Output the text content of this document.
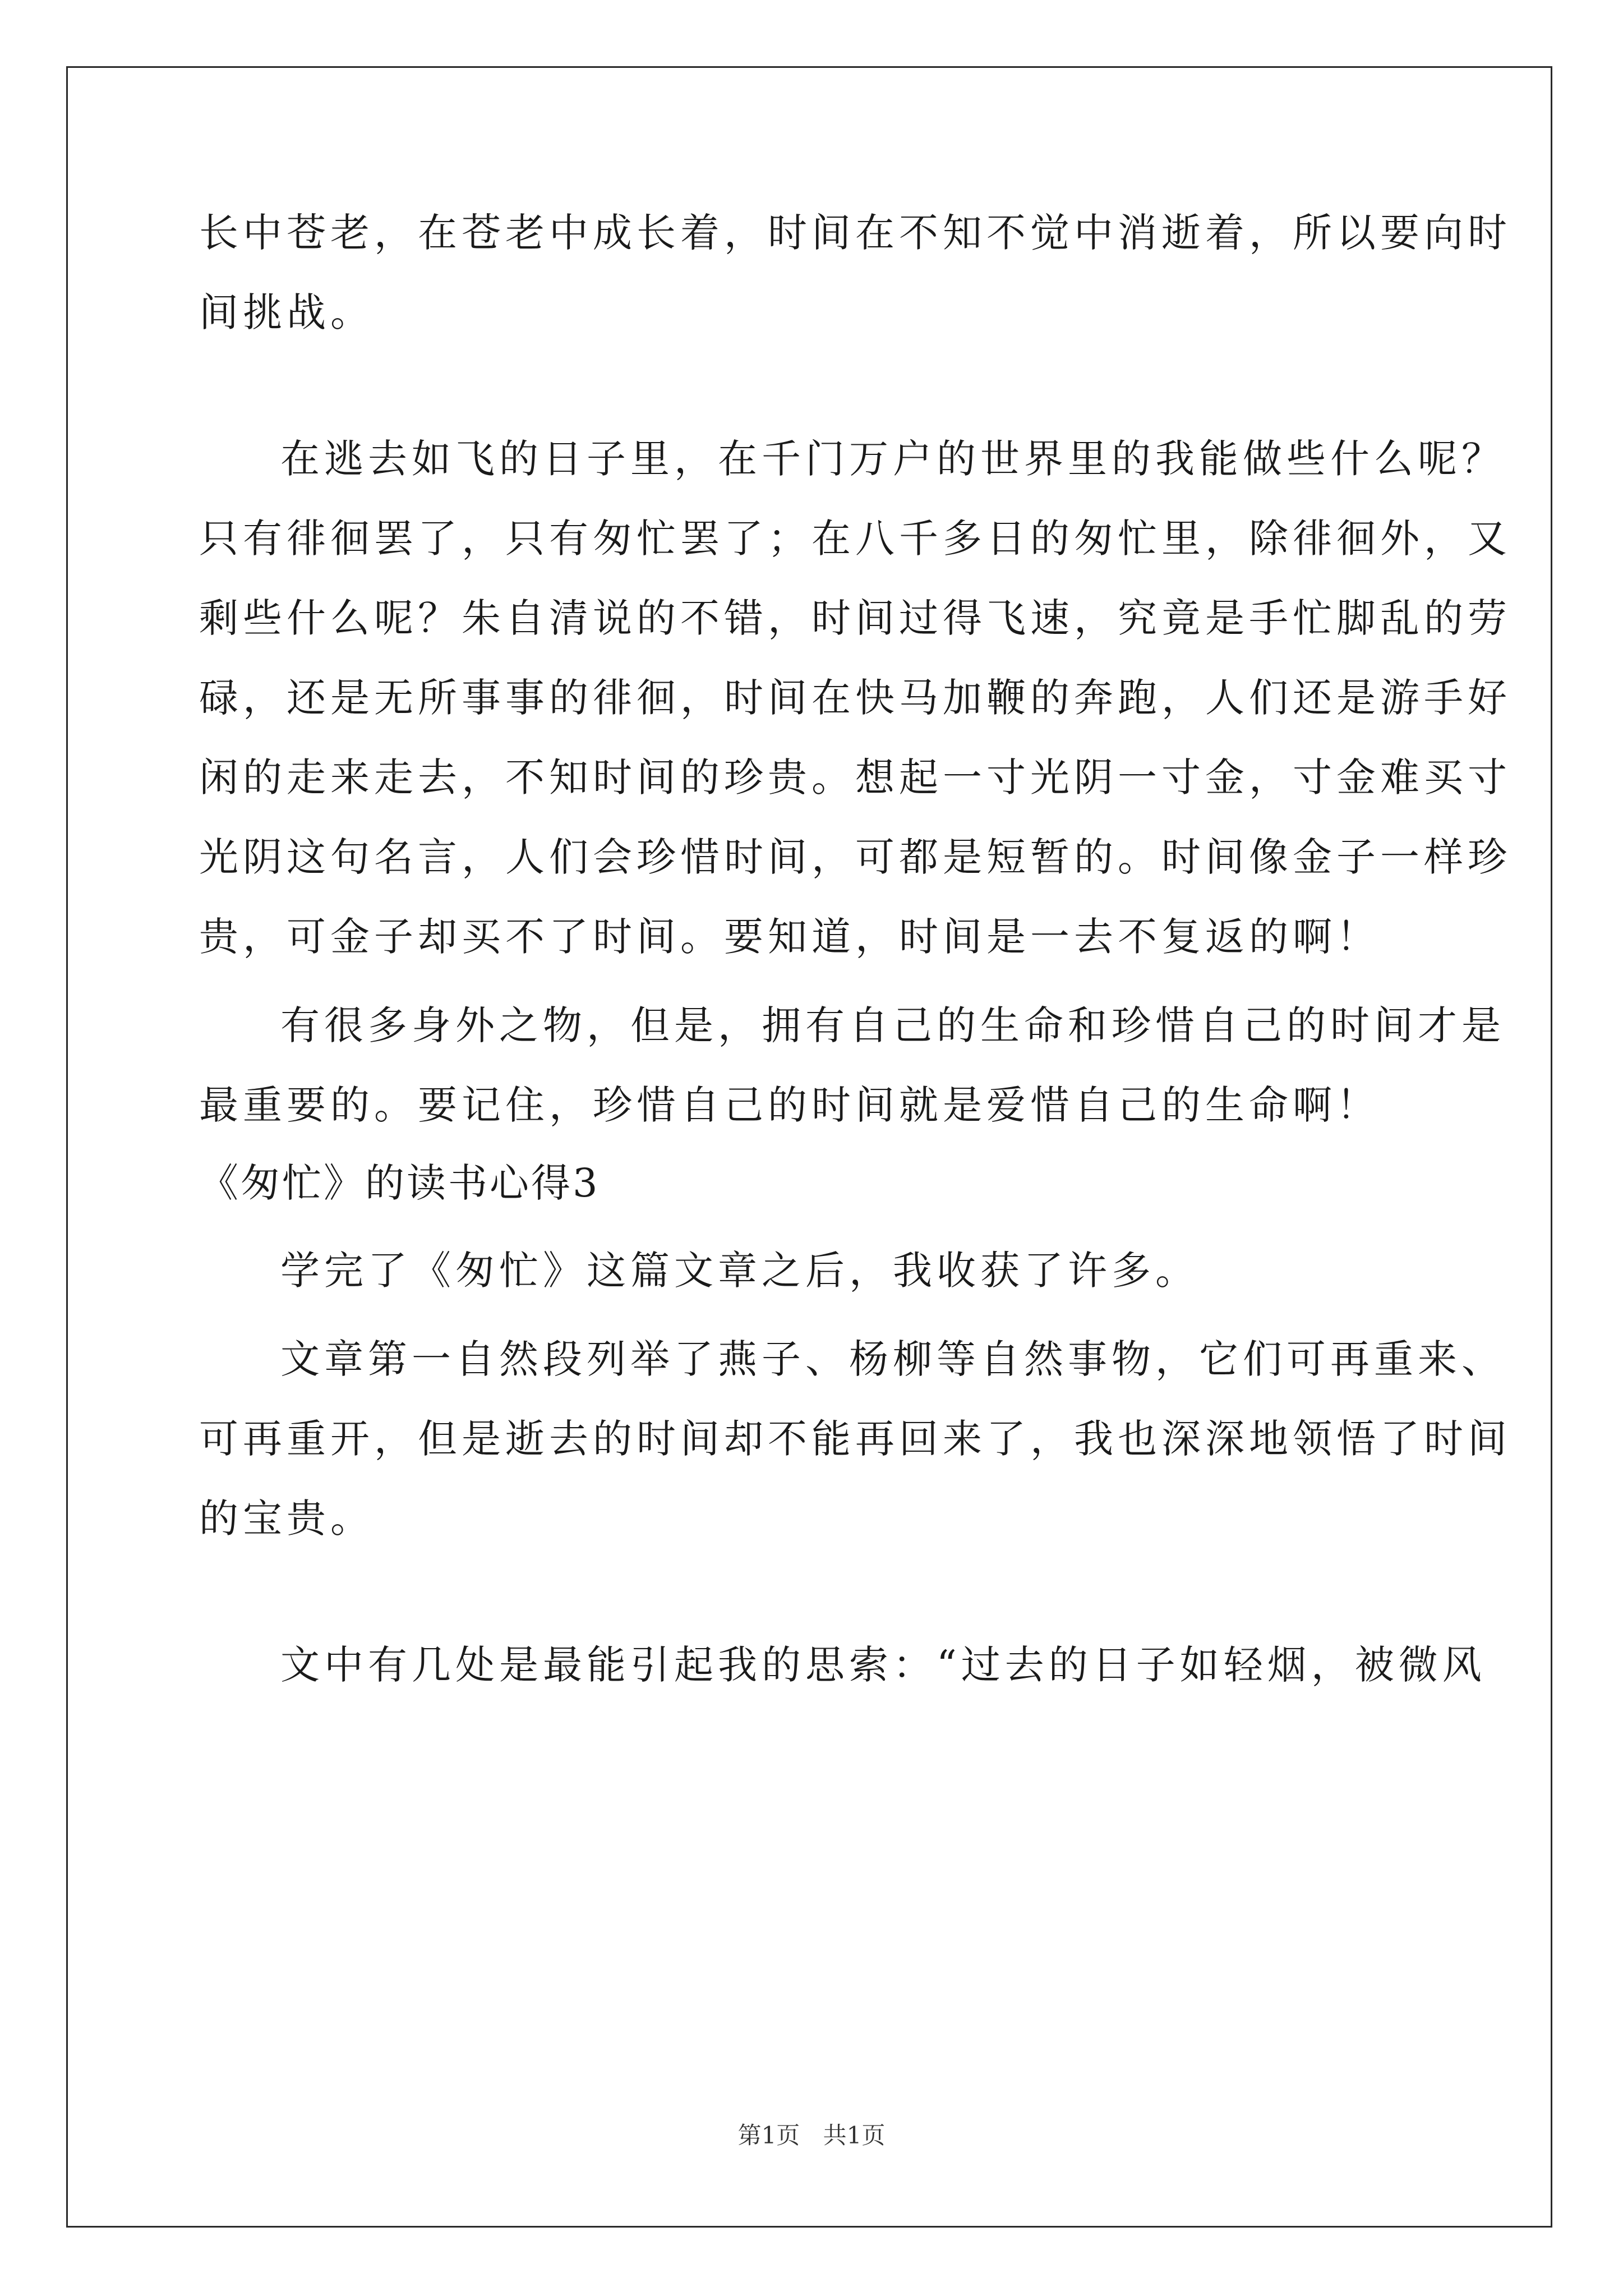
长中苍老，在苍老中成长着，时间在不知不觉中消逝着，所以要向时
间挑战。
在逃去如飞的日子里，在千门万户的世界里的我能做些什么呢？
只有徘徊罢了，只有匆忙罢了；在八千多日的匆忙里，除徘徊外，又
剩些什么呢？朱自清说的不错，时间过得飞速，究竟是手忙脚乱的劳
碌，还是无所事事的徘徊，时间在快马加鞭的奔跑，人们还是游手好
闲的走来走去，不知时间的珍贵。想起一寸光阴一寸金，寸金难买寸
光阴这句名言，人们会珍惜时间，可都是短暂的。时间像金子一样珍
贵，可金子却买不了时间。要知道，时间是一去不复返的啊！
有很多身外之物，但是，拥有自己的生命和珍惜自己的时间才是
最重要的。要记住，珍惜自己的时间就是爱惜自己的生命啊！
《匆忙》的读书心得3
学完了《匆忙》这篇文章之后，我收获了许多。
文章第一自然段列举了燕子、杨柳等自然事物，它们可再重来、
可再重开，但是逝去的时间却不能再回来了，我也深深地领悟了时间
的宝贵。
文中有几处是最能引起我的思索：“过去的日子如轻烟，被微风
第1页 共1页
